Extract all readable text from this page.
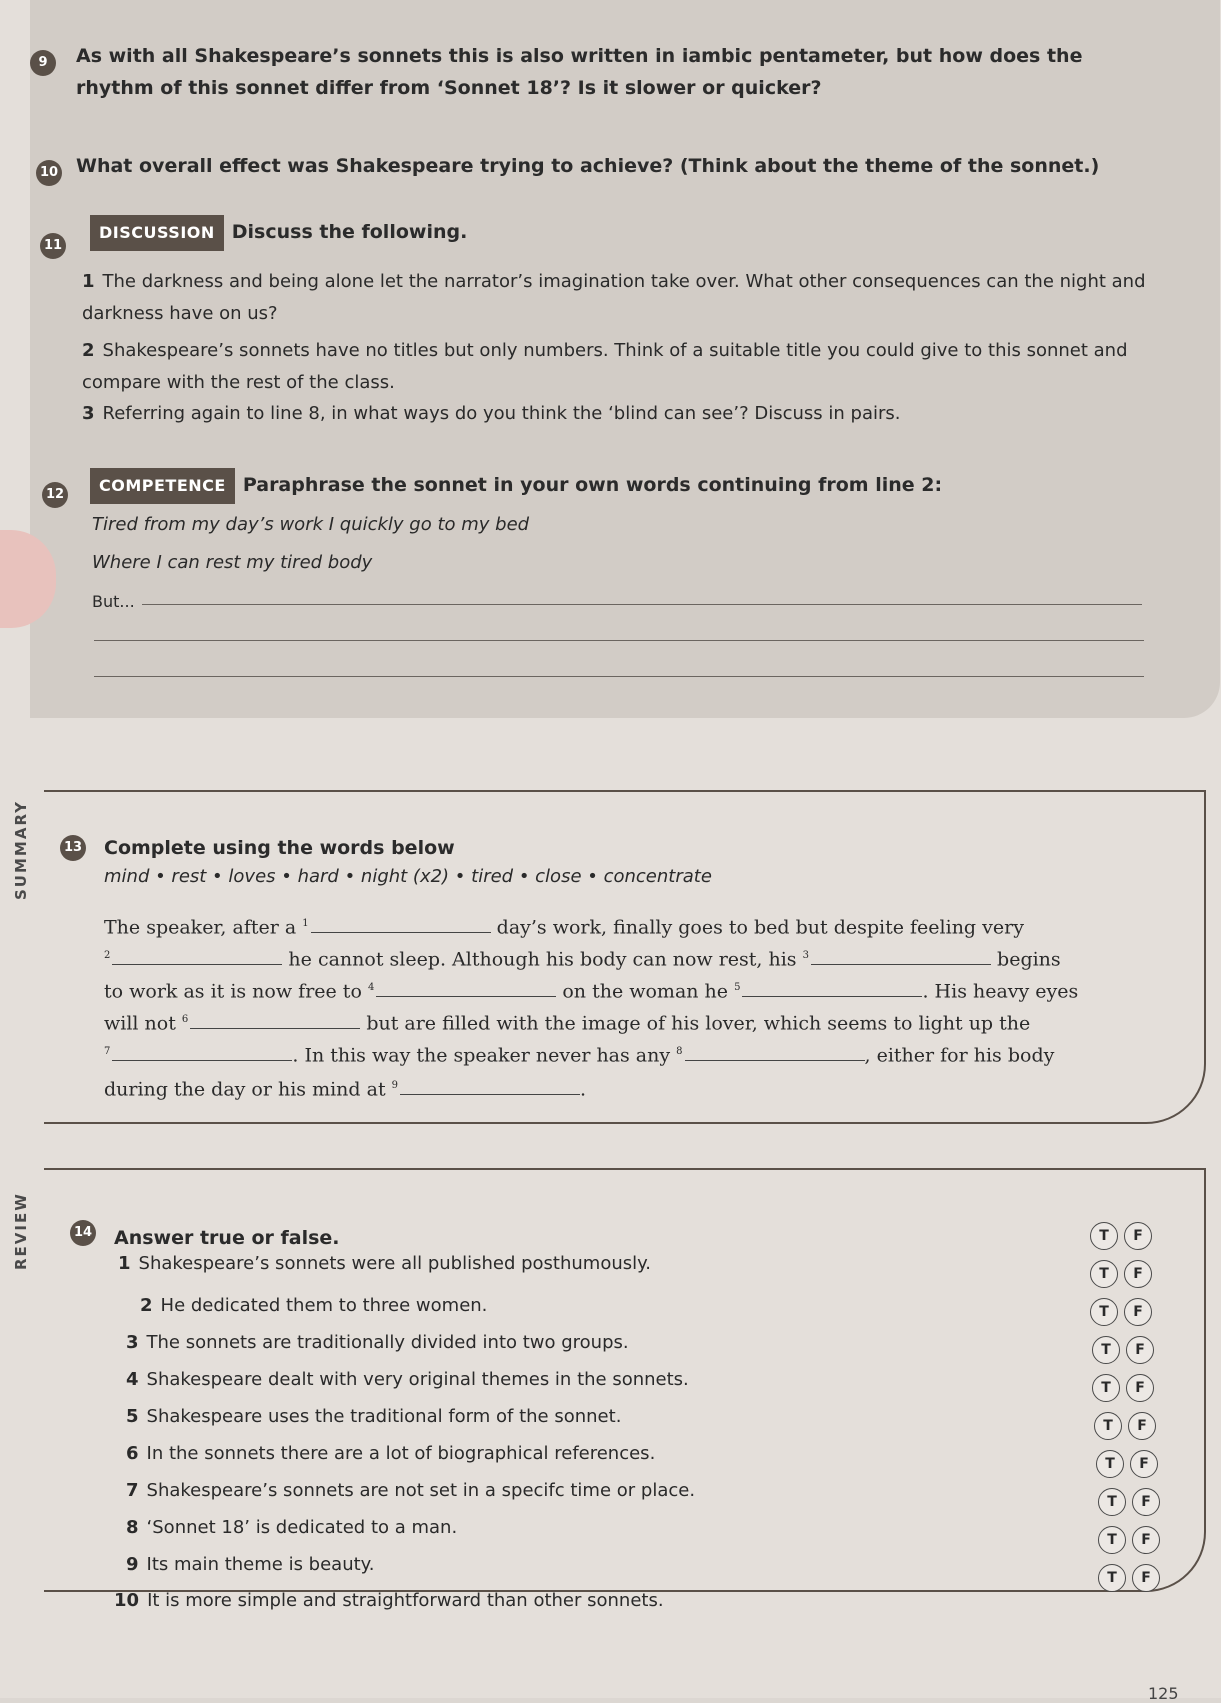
9	As with all Shakespeare’s sonnets this is also written in iambic pentameter, but how does the rhythm of this sonnet differ from ‘Sonnet 18’? Is it slower or quicker?
10 What overall effect was Shakespeare trying to achieve? (Think about the theme of the sonnet.)
11
DISCUSSION Discuss the following.
1 The darkness and being alone let the narrator’s imagination take over. What other consequences can the night and darkness have on us?
2 Shakespeare’s sonnets have no titles but only numbers. Think of a suitable title you could give to this sonnet and compare with the rest of the class.
3 Referring again to line 8, in what ways do you think the ‘blind can see’? Discuss in pairs.
12	COMPETENCE Paraphrase the sonnet in your own words continuing from line 2:
Tired from my day’s work I quickly go to my bed
Where I can rest my tired body
But...
SUMMARY	13 Complete using the words below
mind • rest • loves • hard • night (x2) • tired • close • concentrate
The speaker, after a $^1$	day’s work, finally goes to bed but despite feeling very
$^2$	he cannot sleep. Although his body can now rest, his $^3$	begins
to work as it is now free to $^4$	on the woman he $^5$	. His heavy eyes
will not $^6$	but are filled with the image of his lover, which seems to light up the
$^7$	. In this way the speaker never has any $^8$	, either for his body
during the day or his mind at $^9$	.
REVIEW	14 Answer true or false.
1 Shakespeare’s sonnets were all published posthumously.
2 He dedicated them to three women.
3 The sonnets are traditionally divided into two groups.
4 Shakespeare dealt with very original themes in the sonnets.
5 Shakespeare uses the traditional form of the sonnet.
6 In the sonnets there are a lot of biographical references.
7 Shakespeare’s sonnets are not set in a specifc time or place.
8 ‘Sonnet 18’ is dedicated to a man.
9 Its main theme is beauty.
10 It is more simple and straightforward than other sonnets.
T	F
T	F
T	F
T	F
T	F
T	F
T	F
T	F
T	F
T	F
125
